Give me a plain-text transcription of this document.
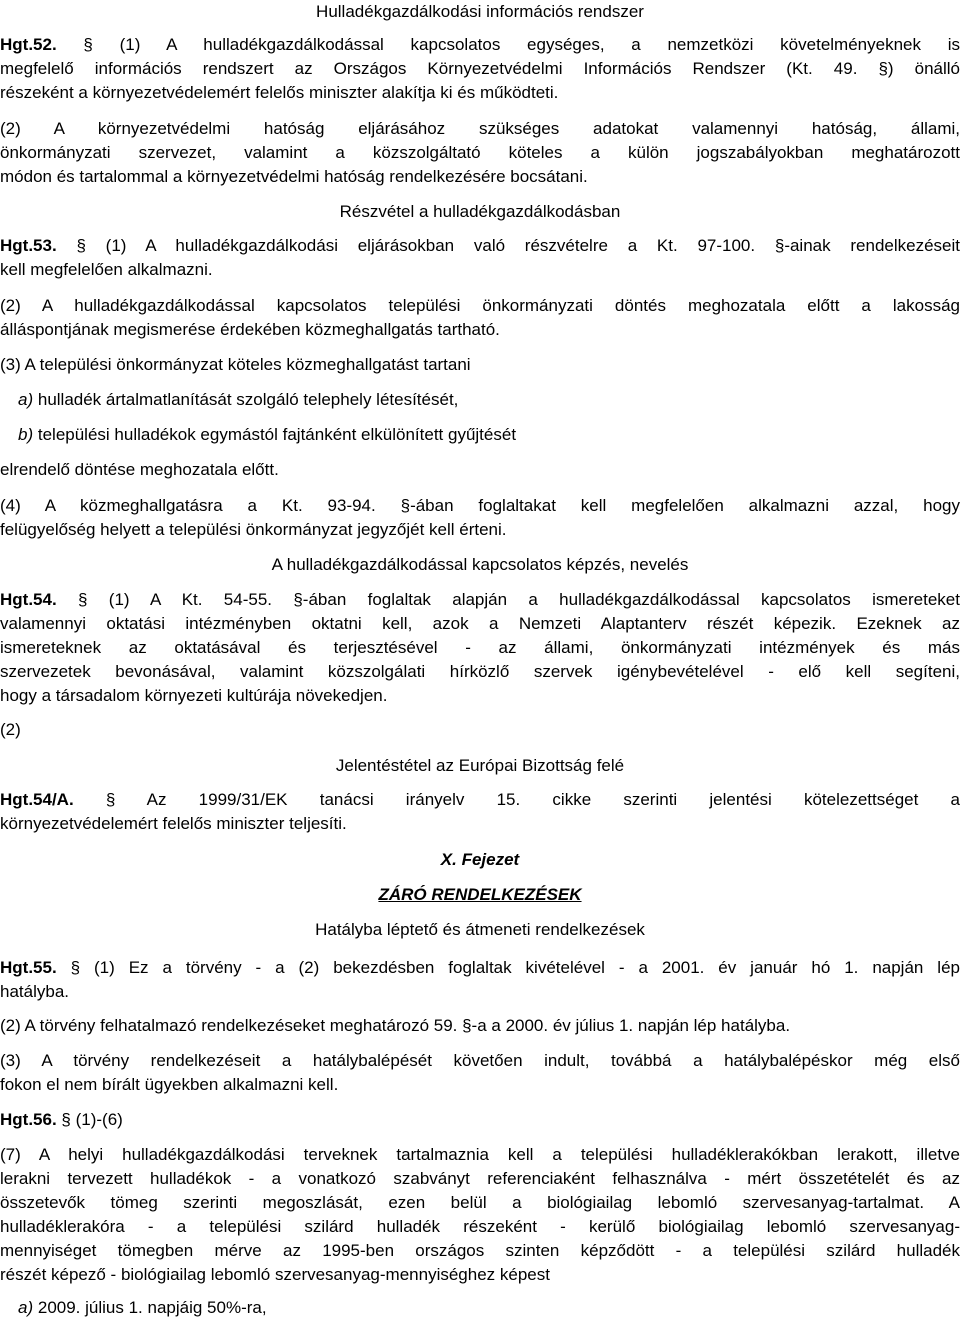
Hulladékgazdálkodási információs rendszer

Hgt.52. § (1) A hulladékgazdálkodással kapcsolatos egységes, a nemzetközi követelményeknek is
megfelelő információs rendszert az Országos Környezetvédelmi Információs Rendszer (Kt. 49. §) önálló
részeként a környezetvédelemért felelős miniszter alakítja ki és működteti.
(2) A környezetvédelmi hatóság eljárásához szükséges adatokat valamennyi hatóság, állami,
önkormányzati szervezet, valamint a közszolgáltató köteles a külön jogszabályokban meghatározott
módon és tartalommal a környezetvédelmi hatóság rendelkezésére bocsátani.

Részvétel a hulladékgazdálkodásban

Hgt.53. § (1) A hulladékgazdálkodási eljárásokban való részvételre a Kt. 97-100. §-ainak rendelkezéseit
kell megfelelően alkalmazni.
(2) A hulladékgazdálkodással kapcsolatos települési önkormányzati döntés meghozatala előtt a lakosság
álláspontjának megismerése érdekében közmeghallgatás tartható.

(3) A települési önkormányzat köteles közmeghallgatást tartani

a) hulladék ártalmatlanítását szolgáló telephely létesítését,

b) települési hulladékok egymástól fajtánként elkülönített gyűjtését

elrendelő döntése meghozatala előtt.

(4) A közmeghallgatásra a Kt. 93-94. §-ában foglaltakat kell megfelelően alkalmazni azzal, hogy
felügyelőség helyett a települési önkormányzat jegyzőjét kell érteni.

A hulladékgazdálkodással kapcsolatos képzés, nevelés

Hgt.54. § (1) A Kt. 54-55. §-ában foglaltak alapján a hulladékgazdálkodással kapcsolatos ismereteket
valamennyi oktatási intézményben oktatni kell, azok a Nemzeti Alaptanterv részét képezik. Ezeknek az
ismereteknek az oktatásával és terjesztésével - az állami, önkormányzati intézmények és más
szervezetek bevonásával, valamint közszolgálati hírközlő szervek igénybevételével - elő kell segíteni,
hogy a társadalom környezeti kultúrája növekedjen.

(2)

Jelentéstétel az Európai Bizottság felé

Hgt.54/A. § Az 1999/31/EK tanácsi irányelv 15. cikke szerinti jelentési kötelezettséget a
környezetvédelemért felelős miniszter teljesíti.

X. Fejezet

ZÁRÓ RENDELKEZÉSEK

Hatályba léptető és átmeneti rendelkezések

Hgt.55. § (1) Ez a törvény - a (2) bekezdésben foglaltak kivételével - a 2001. év január hó 1. napján lép
hatályba.

(2) A törvény felhatalmazó rendelkezéseket meghatározó 59. §-a a 2000. év július 1. napján lép hatályba.

(3) A törvény rendelkezéseit a hatálybalépését követően indult, továbbá a hatálybalépéskor még első
fokon el nem bírált ügyekben alkalmazni kell.

Hgt.56. § (1)-(6)

(7) A helyi hulladékgazdálkodási terveknek tartalmaznia kell a települési hulladéklerakókban lerakott, illetve
lerakni tervezett hulladékok - a vonatkozó szabványt referenciaként felhasználva - mért összetételét és az
összetevők tömeg szerinti megoszlását, ezen belül a biológiailag lebomló szervesanyag-tartalmat. A
hulladéklerakóra - a települési szilárd hulladék részeként - kerülő biológiailag lebomló szervesanyag-
mennyiséget tömegben mérve az 1995-ben országos szinten képződött - a települési szilárd hulladék
részét képező - biológiailag lebomló szervesanyag-mennyiséghez képest

a) 2009. július 1. napjáig 50%-ra,
